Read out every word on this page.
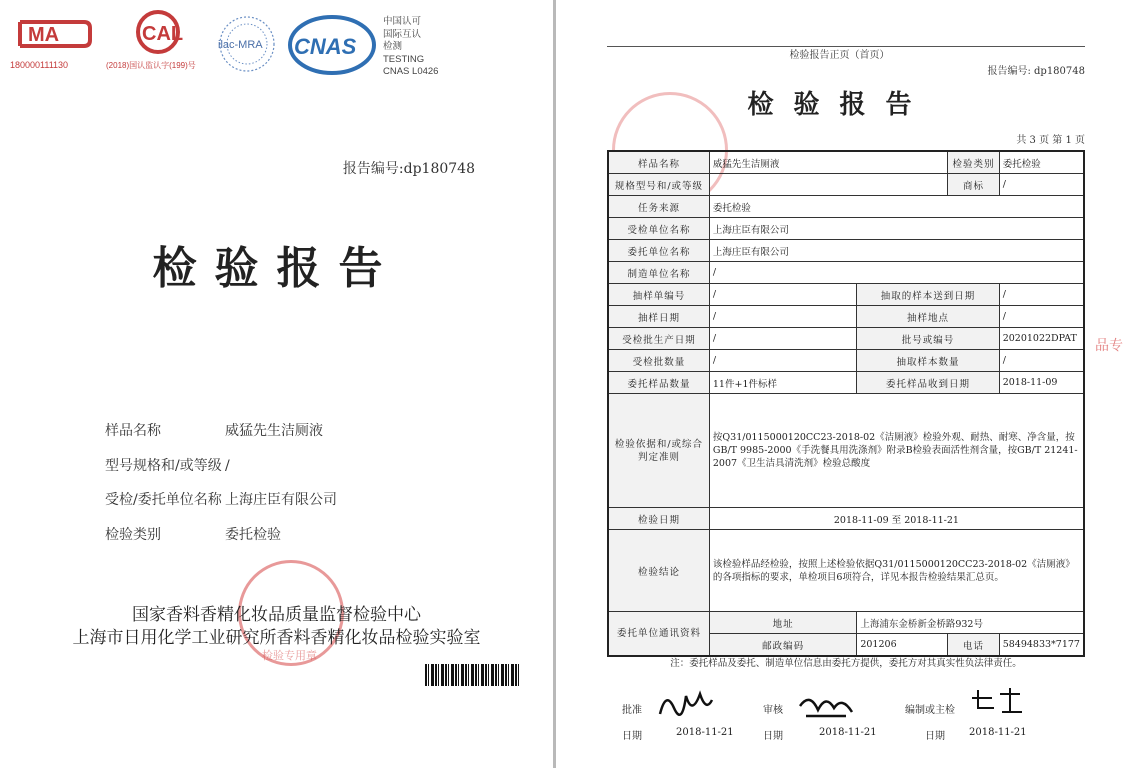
MA
180000111130
CAL
(2018)国认监认字(199)号
ilac-MRA CNAS
中国认可
国际互认
检测
TESTING
CNAS L0426
报告编号:dp180748
检验报告
样品名称	威猛先生洁厕液
型号规格和/或等级 /
受检/委托单位名称 上海庄臣有限公司
检验类别	委托检验
检验专用章
国家香料香精化妆品质量监督检验中心
上海市日用化学工业研究所香料香精化妆品检验实验室
检验报告正页（首页）
报告编号: dp180748
检验报告
共 3 页 第 1 页
样品名称	威猛先生洁厕液		检验类别	委托检验
规格型号和/或等级			商标	/
任务来源	委托检验			
受检单位名称	上海庄臣有限公司			
委托单位名称	上海庄臣有限公司			
制造单位名称	/			
抽样单编号	/	抽取的样本送到日期		/
抽样日期	/	抽样地点		/
受检批生产日期	/	批号或编号		20201022DPAT
受检批数量	/	抽取样本数量		/
委托样品数量	11件+1件标样	委托样品收到日期		2018-11-09
检验依据和/或综合判定准则	按Q31/0115000120CC23-2018-02《洁厕液》检验外观、耐热、耐寒、净含量，按GB/T 9985-2000《手洗餐具用洗涤剂》附录B检验表面活性剂含量，按GB/T 21241-2007《卫生洁具清洗剂》检验总酸度			
检验日期	2018-11-09 至 2018-11-21			
检验结论	该检验样品经检验，按照上述检验依据Q31/0115000120CC23-2018-02《洁厕液》的各项指标的要求，单检项目6项符合，详见本报告检验结果汇总页。			
委托单位通讯资料	地址	上海浦东金桥新金桥路932号		
	邮政编码	201206	电话	58494833*7177
注：委托样品及委托、制造单位信息由委托方提供，委托方对其真实性负法律责任。
批准
日期	2018-11-21
审核
日期	2018-11-21
编制或主检
日期 2018-11-21
品专
